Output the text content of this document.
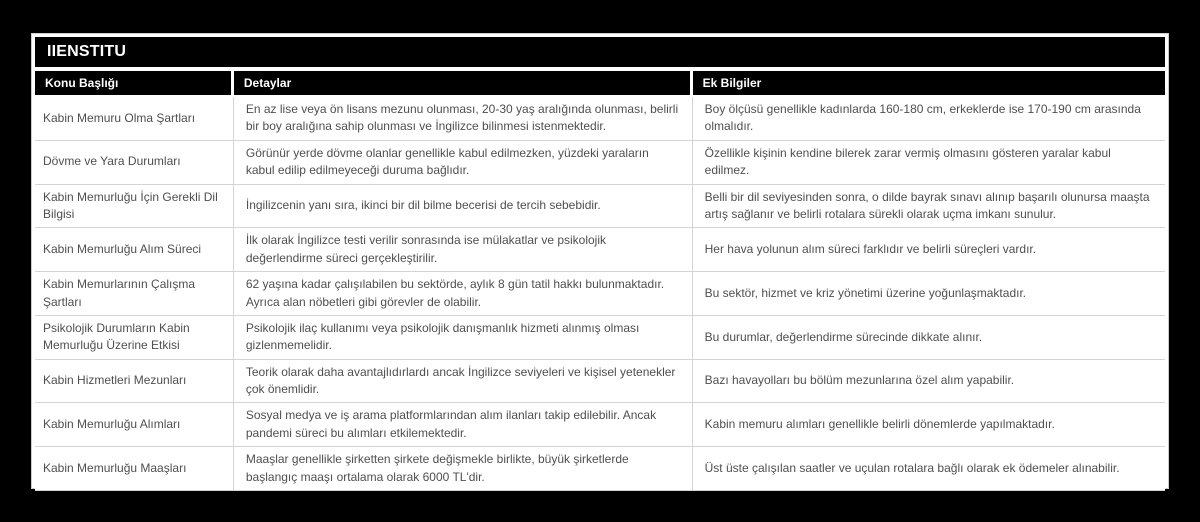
IIENSTITU
Konu Başlığı	Detaylar	Ek Bilgiler
Kabin Memuru Olma Şartları	En az lise veya ön lisans mezunu olunması, 20-30 yaş aralığında olunması, belirli bir boy aralığına sahip olunması ve İngilizce bilinmesi istenmektedir.	Boy ölçüsü genellikle kadınlarda 160-180 cm, erkeklerde ise 170-190 cm arasında olmalıdır.
Dövme ve Yara Durumları	Görünür yerde dövme olanlar genellikle kabul edilmezken, yüzdeki yaraların kabul edilip edilmeyeceği duruma bağlıdır.	Özellikle kişinin kendine bilerek zarar vermiş olmasını gösteren yaralar kabul edilmez.
Kabin Memurluğu İçin Gerekli Dil Bilgisi	İngilizcenin yanı sıra, ikinci bir dil bilme becerisi de tercih sebebidir.	Belli bir dil seviyesinden sonra, o dilde bayrak sınavı alınıp başarılı olunursa maaşta artış sağlanır ve belirli rotalara sürekli olarak uçma imkanı sunulur.
Kabin Memurluğu Alım Süreci	İlk olarak İngilizce testi verilir sonrasında ise mülakatlar ve psikolojik değerlendirme süreci gerçekleştirilir.	Her hava yolunun alım süreci farklıdır ve belirli süreçleri vardır.
Kabin Memurlarının Çalışma Şartları	62 yaşına kadar çalışılabilen bu sektörde, aylık 8 gün tatil hakkı bulunmaktadır. Ayrıca alan nöbetleri gibi görevler de olabilir.	Bu sektör, hizmet ve kriz yönetimi üzerine yoğunlaşmaktadır.
Psikolojik Durumların Kabin Memurluğu Üzerine Etkisi	Psikolojik ilaç kullanımı veya psikolojik danışmanlık hizmeti alınmış olması gizlenmemelidir.	Bu durumlar, değerlendirme sürecinde dikkate alınır.
Kabin Hizmetleri Mezunları	Teorik olarak daha avantajlıdırlardı ancak İngilizce seviyeleri ve kişisel yetenekler çok önemlidir.	Bazı havayolları bu bölüm mezunlarına özel alım yapabilir.
Kabin Memurluğu Alımları	Sosyal medya ve iş arama platformlarından alım ilanları takip edilebilir. Ancak pandemi süreci bu alımları etkilemektedir.	Kabin memuru alımları genellikle belirli dönemlerde yapılmaktadır.
Kabin Memurluğu Maaşları	Maaşlar genellikle şirketten şirkete değişmekle birlikte, büyük şirketlerde başlangıç maaşı ortalama olarak 6000 TL'dir.	Üst üste çalışılan saatler ve uçulan rotalara bağlı olarak ek ödemeler alınabilir.
